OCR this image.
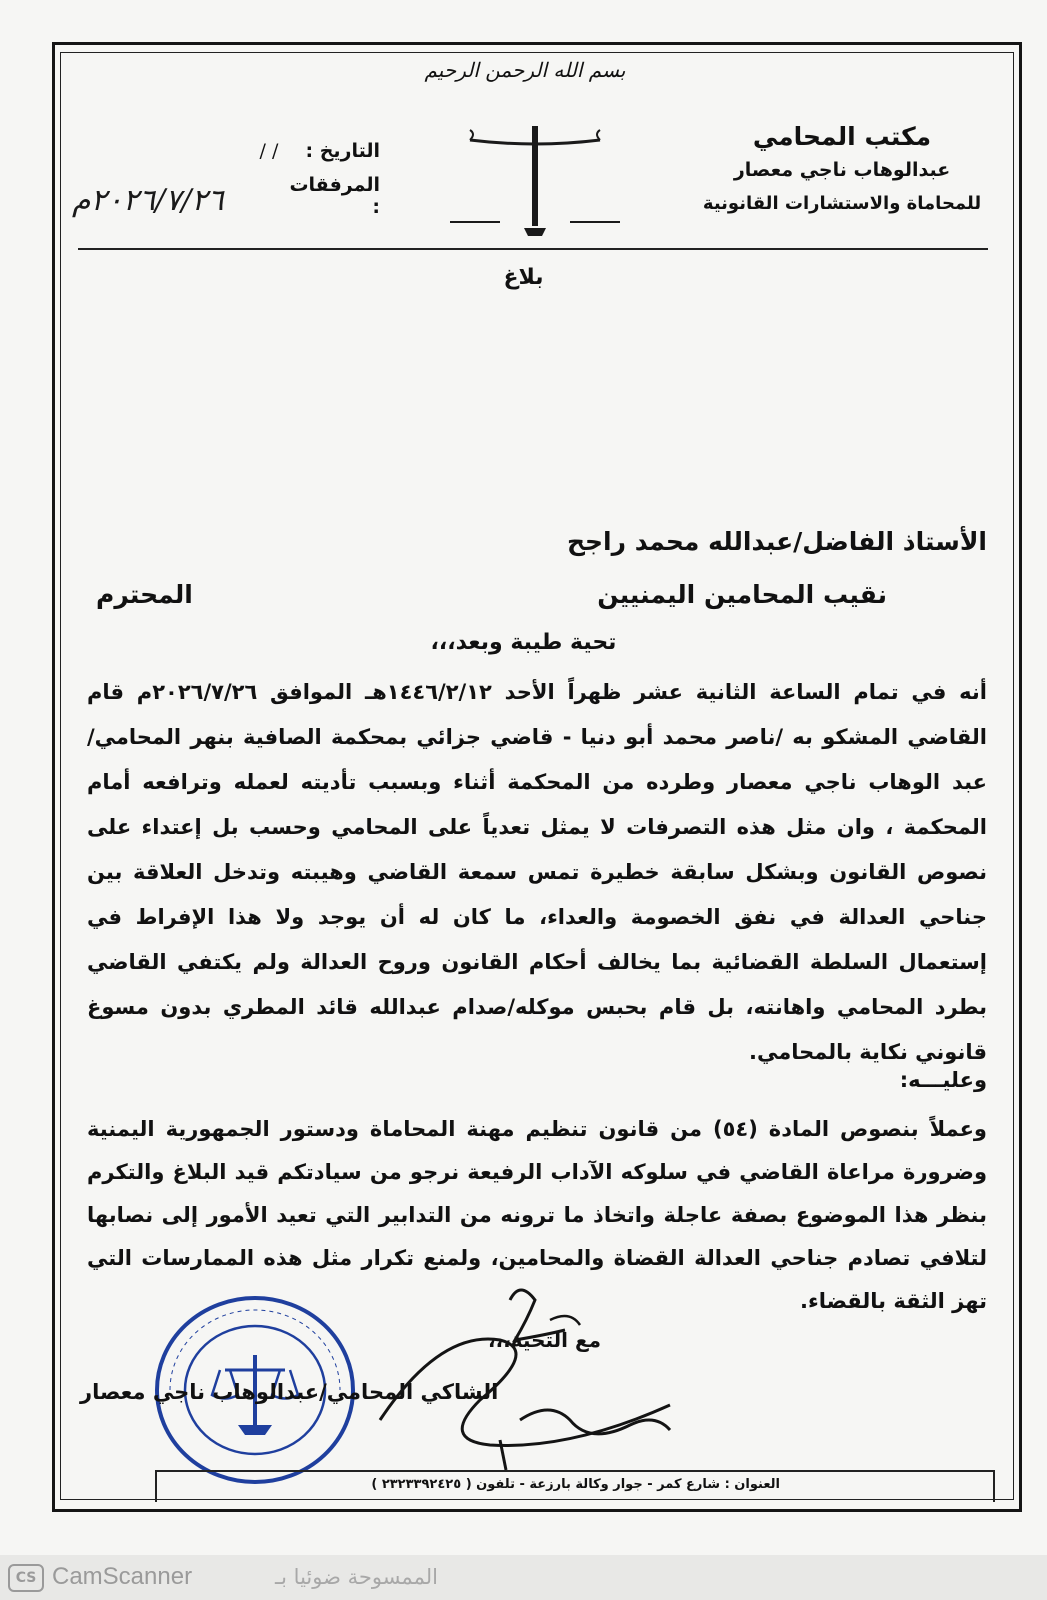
بسم الله الرحمن الرحيم
مكتب المحامي
عبدالوهاب ناجي معصار
للمحاماة والاستشارات القانونية
التاريخ : / /
المرفقات :
٢٠٢٦/٧/٢٦م
بلاغ
الأستاذ الفاضل/عبدالله محمد راجح
نقيب المحامين اليمنيين
المحترم
تحية طيبة وبعد،،،
أنه في تمام الساعة الثانية عشر ظهراً الأحد ١٤٤٦/٢/١٢هـ الموافق ٢٠٢٦/٧/٢٦م قام القاضي المشكو به /ناصر محمد أبو دنيا - قاضي جزائي بمحكمة الصافية بنهر المحامي/عبد الوهاب ناجي معصار وطرده من المحكمة أثناء وبسبب تأديته لعمله وترافعه أمام المحكمة ، وان مثل هذه التصرفات لا يمثل تعدياً على المحامي وحسب بل إعتداء على نصوص القانون وبشكل سابقة خطيرة تمس سمعة القاضي وهيبته وتدخل العلاقة بين جناحي العدالة في نفق الخصومة والعداء، ما كان له أن يوجد ولا هذا الإفراط في إستعمال السلطة القضائية بما يخالف أحكام القانون وروح العدالة ولم يكتفي القاضي بطرد المحامي واهانته، بل قام بحبس موكله/صدام عبدالله قائد المطري بدون مسوغ قانوني نكاية بالمحامي.
وعليـــه:
وعملاً بنصوص المادة (٥٤) من قانون تنظيم مهنة المحاماة ودستور الجمهورية اليمنية وضرورة مراعاة القاضي في سلوكه الآداب الرفيعة نرجو من سيادتكم قيد البلاغ والتكرم بنظر هذا الموضوع بصفة عاجلة واتخاذ ما ترونه من التدابير التي تعيد الأمور إلى نصابها لتلافي تصادم جناحي العدالة القضاة والمحامين، ولمنع تكرار مثل هذه الممارسات التي تهز الثقة بالقضاء.
مع التحية،،،
الشاكي المحامي/عبدالوهاب ناجي معصار
العنوان : شارع كمر - جوار وكالة بارزعة - تلفون ( ٢٣٢٣٣٩٢٤٢٥ )
CS CamScanner	الممسوحة ضوئيا بـ
